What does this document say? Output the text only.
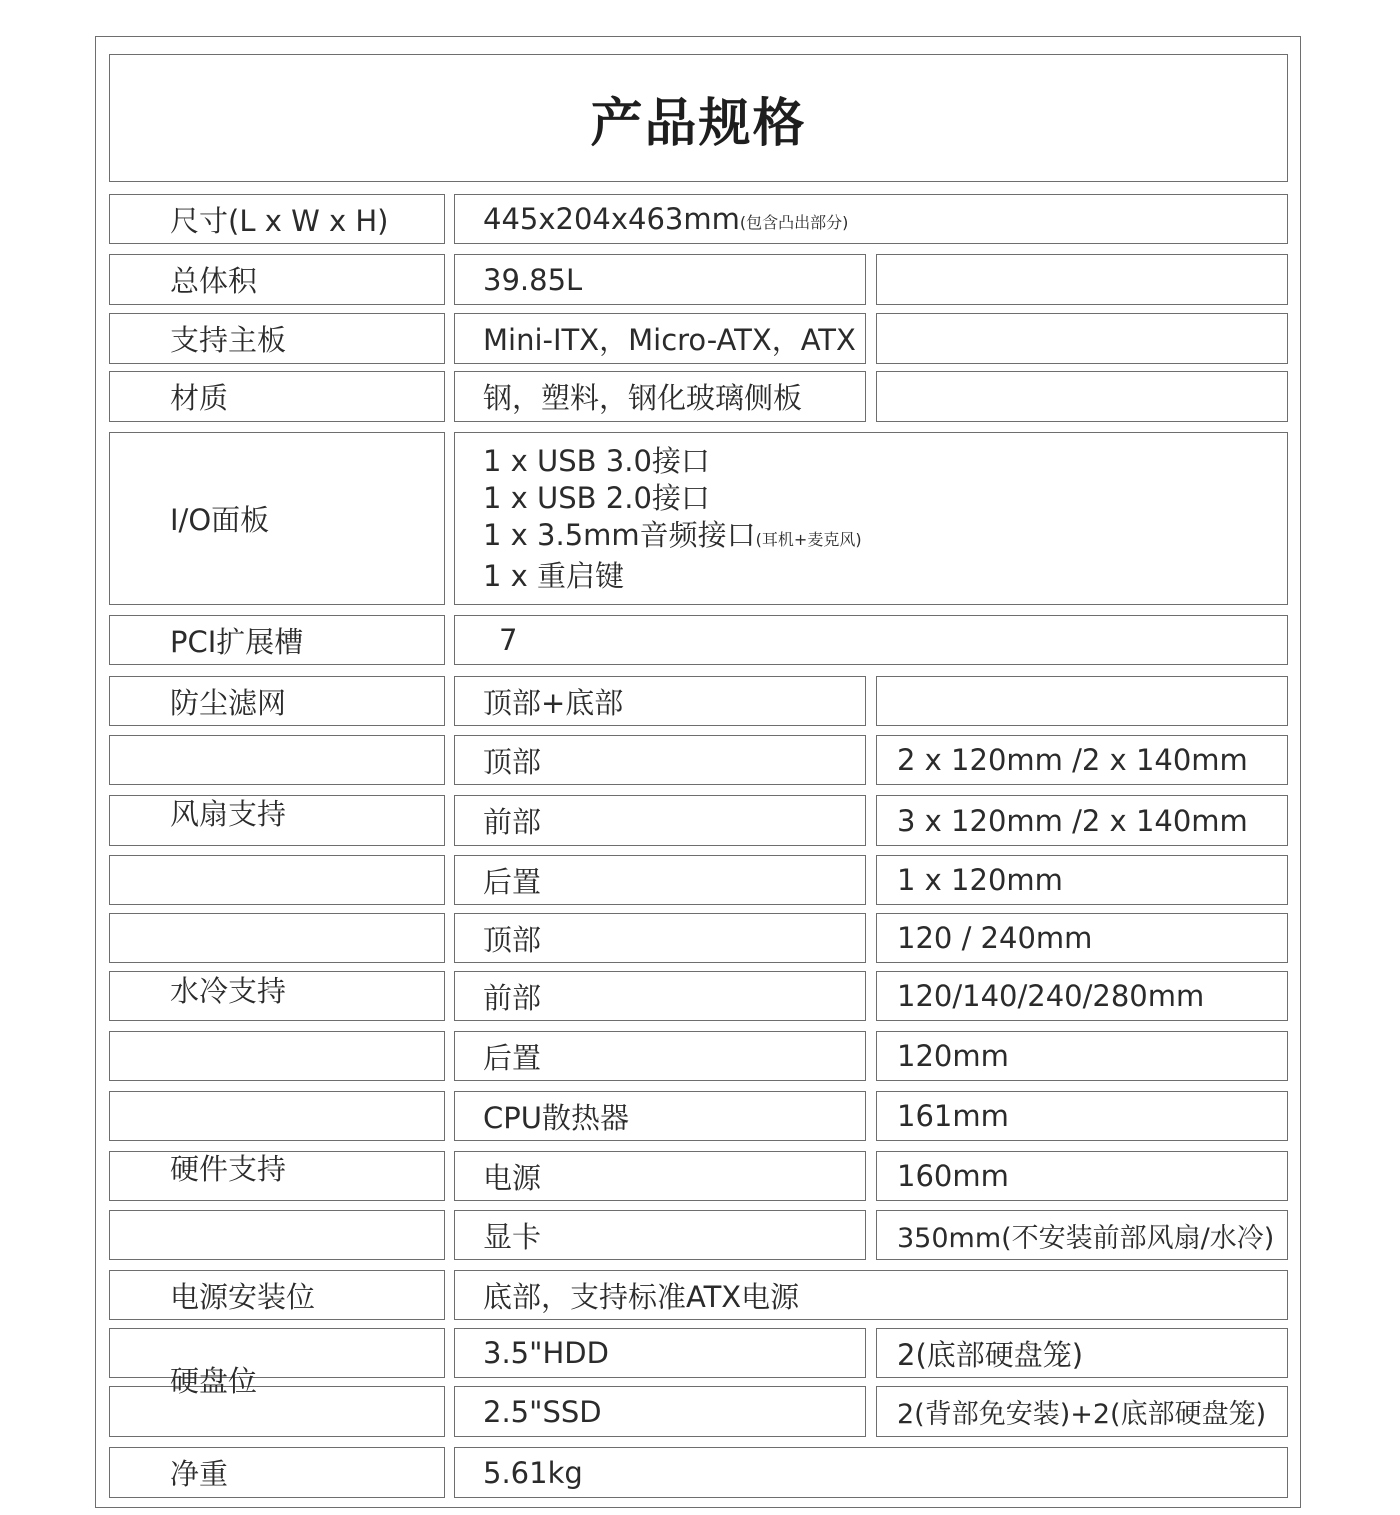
产品规格
尺寸(L x W x H)	445x204x463mm (包含凸出部分)
总体积	39.85L
支持主板	Mini-ITX，Micro-ATX，ATX
材质	钢，塑料，钢化玻璃侧板
I/O面板
1 x USB 3.0接口
1 x USB 2.0接口
1 x 3.5mm音频接口 (耳机+麦克风)
1 x 重启键
PCI扩展槽	7
防尘滤网	顶部+底部
风扇支持
顶部	2 x 120mm /2 x 140mm
前部	3 x 120mm /2 x 140mm
后置	1 x 120mm
水冷支持
顶部	120 / 240mm
前部	120/140/240/280mm
后置	120mm
硬件支持
CPU散热器	161mm
电源	160mm
显卡	350mm(不安装前部风扇/水冷)
电源安装位	底部，支持标准ATX电源
硬盘位
3.5"HDD	2(底部硬盘笼)
2.5"SSD	2(背部免安装)+2(底部硬盘笼)
净重	5.61kg
